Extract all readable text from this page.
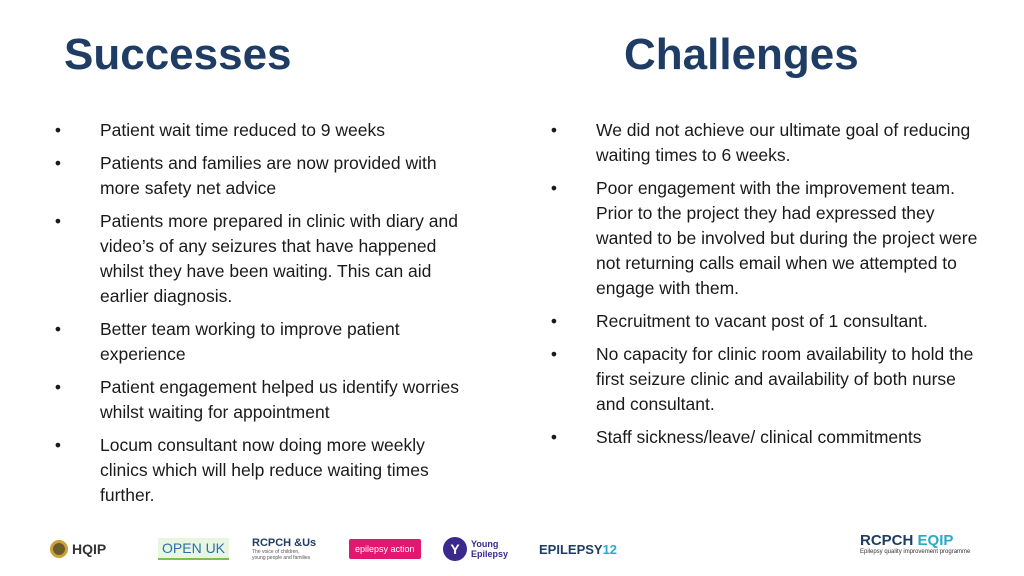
Successes	Challenges
• Patient wait time reduced to 9 weeks
• Patients and families are now provided with more safety net advice
• Patients more prepared in clinic with diary and video’s of any seizures that have happened whilst they have been waiting. This can aid earlier diagnosis.
• Better team working to improve patient experience
• Patient engagement helped us identify worries whilst waiting for appointment
• Locum consultant now doing more weekly clinics which will help reduce waiting times further.
• We did not achieve our ultimate goal of reducing waiting times to 6 weeks.
• Poor engagement with the improvement team. Prior to the project they had expressed they wanted to be involved but during the project were not returning calls email when we attempted to engage with them.
• Recruitment to vacant post of 1 consultant.
• No capacity for clinic room availability to hold the first seizure clinic and availability of both nurse and consultant.
• Staff sickness/leave/ clinical commitments
HQIP	OPEN UK	RCPCH &Us
The voice of children,
young people and families
epilepsy action	Y	Young
Epilepsy EPILEPSY 12	RCPCH EQIP
Epilepsy quality improvement programme
